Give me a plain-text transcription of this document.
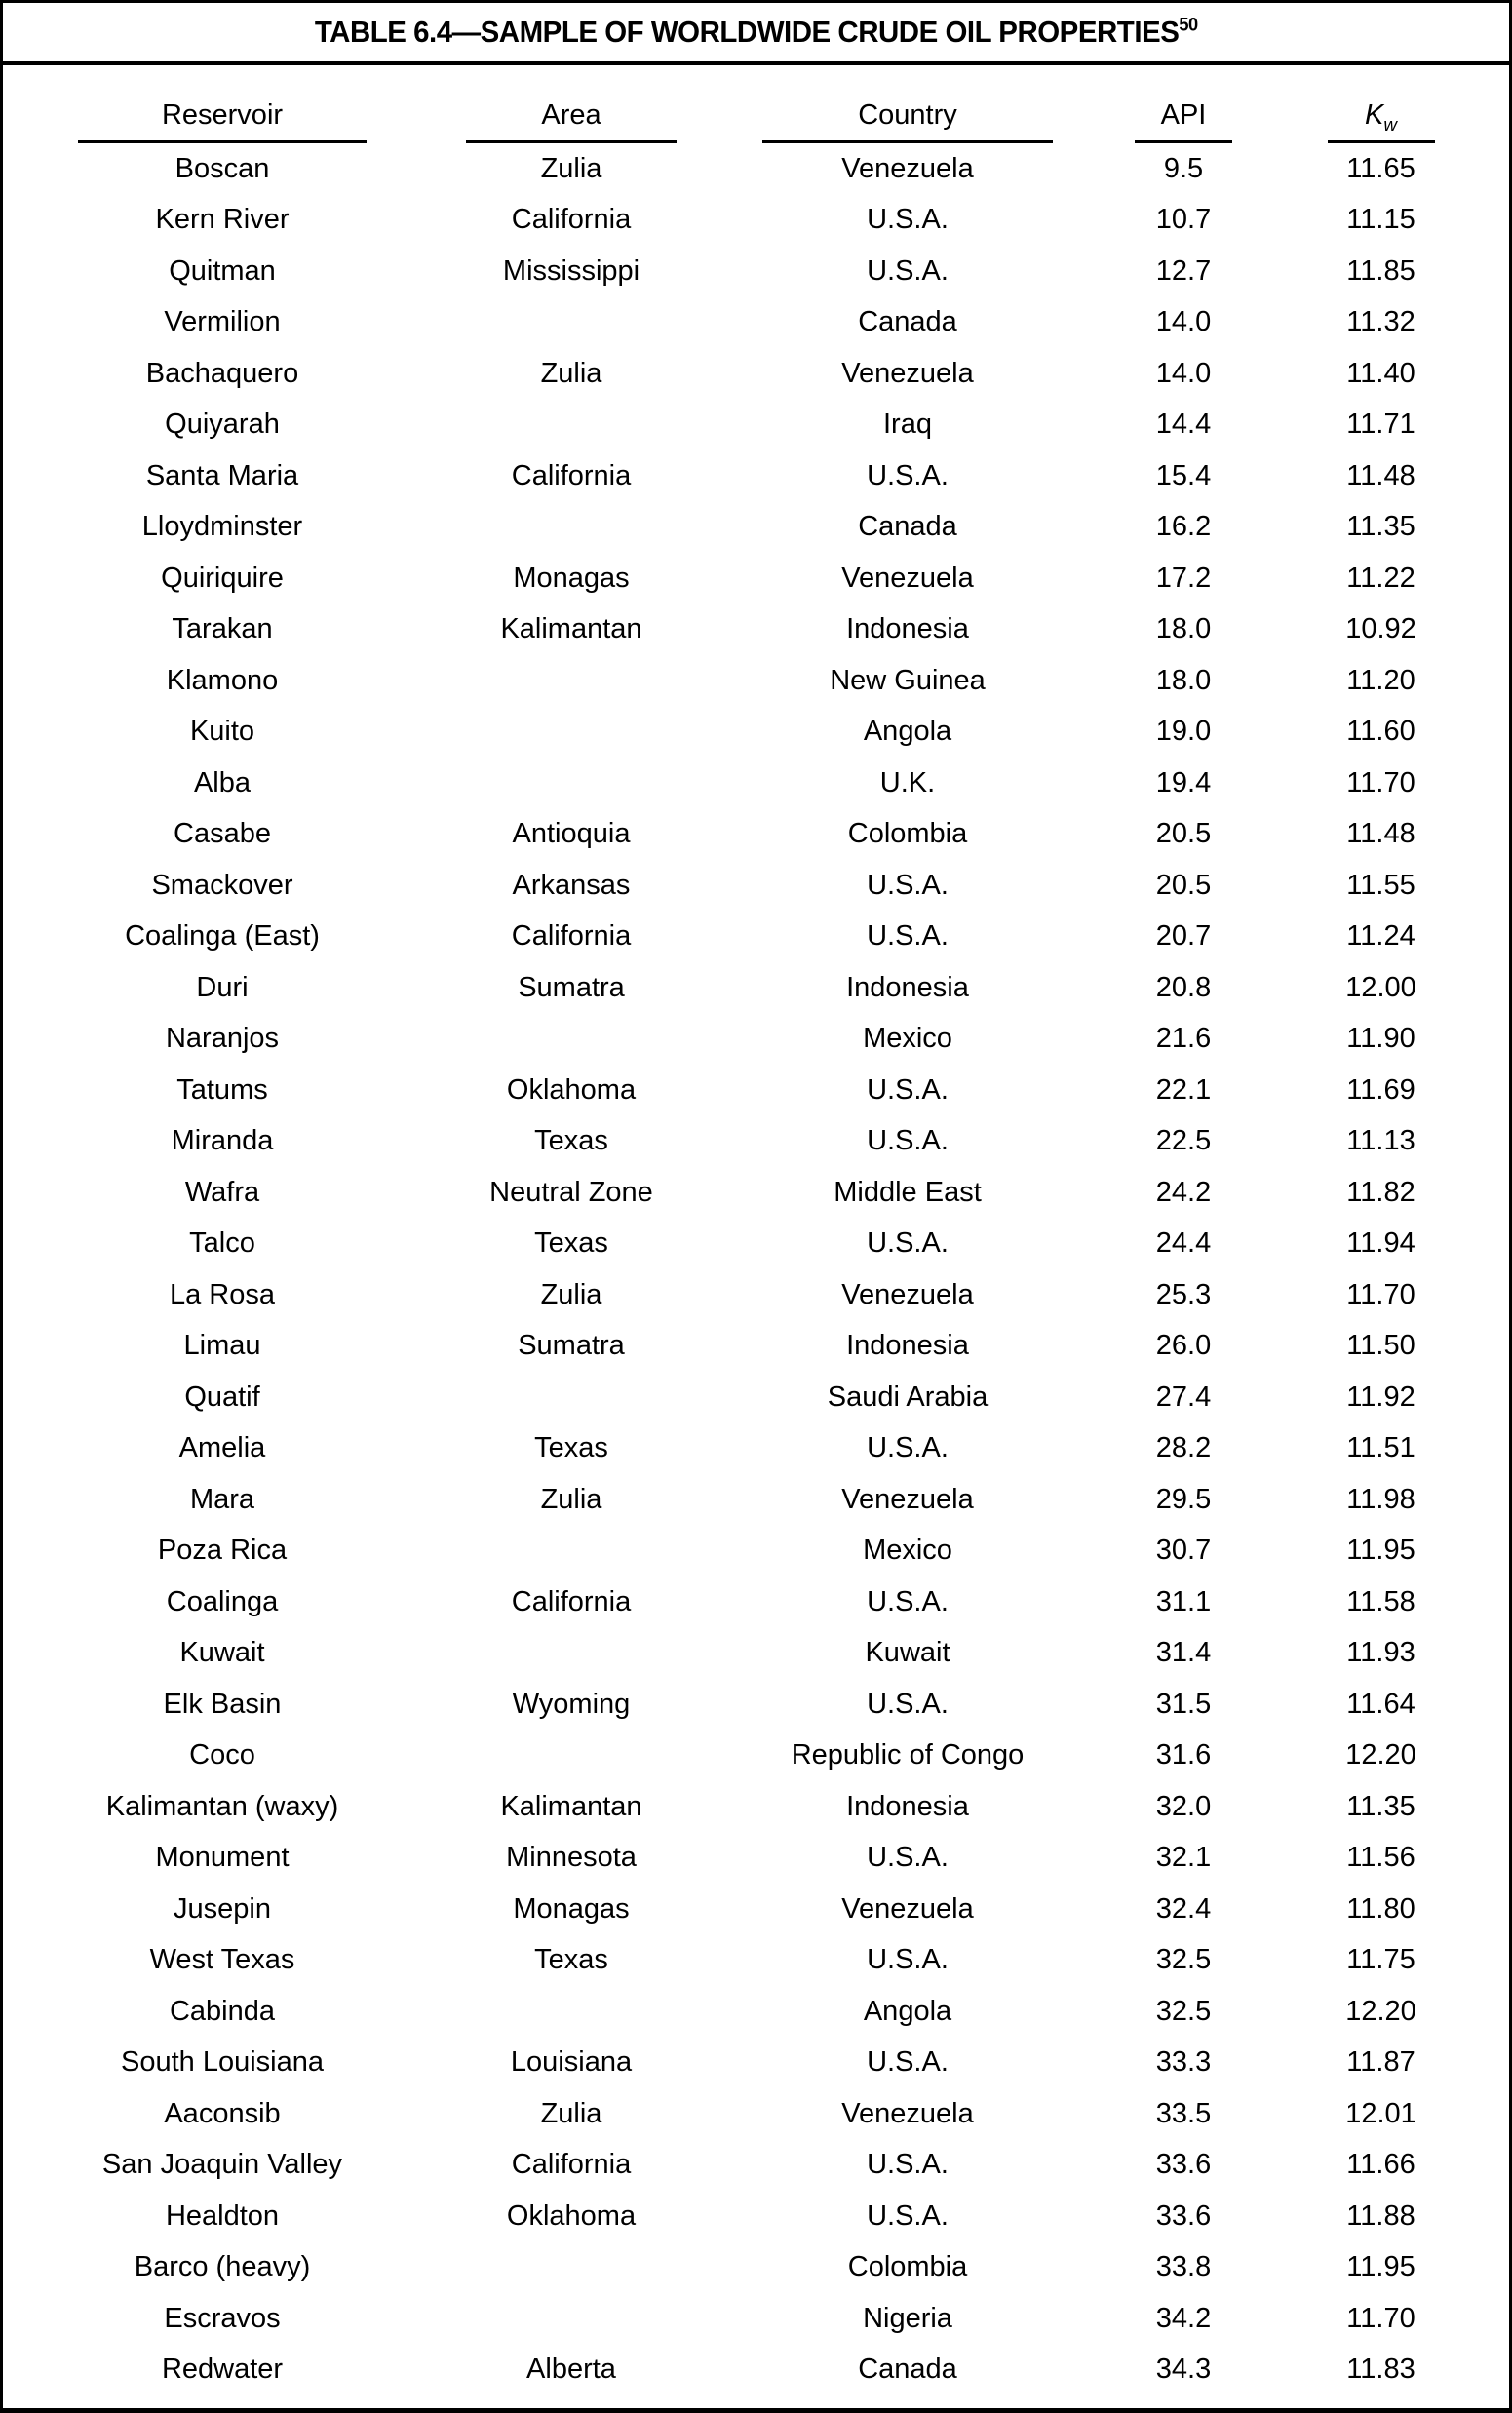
TABLE 6.4—SAMPLE OF WORLDWIDE CRUDE OIL PROPERTIES$^{50}$
Reservoir	Area	Country	API	$K_w$

Boscan	Zulia	Venezuela	9.5	11.65
Kern River	California	U.S.A.	10.7	11.15
Quitman	Mississippi	U.S.A.	12.7	11.85
Vermilion		Canada	14.0	11.32
Bachaquero	Zulia	Venezuela	14.0	11.40
Quiyarah		Iraq	14.4	11.71
Santa Maria	California	U.S.A.	15.4	11.48
Lloydminster		Canada	16.2	11.35
Quiriquire	Monagas	Venezuela	17.2	11.22
Tarakan	Kalimantan	Indonesia	18.0	10.92
Klamono		New Guinea	18.0	11.20
Kuito		Angola	19.0	11.60
Alba		U.K.	19.4	11.70
Casabe	Antioquia	Colombia	20.5	11.48
Smackover	Arkansas	U.S.A.	20.5	11.55
Coalinga (East)	California	U.S.A.	20.7	11.24
Duri	Sumatra	Indonesia	20.8	12.00
Naranjos		Mexico	21.6	11.90
Tatums	Oklahoma	U.S.A.	22.1	11.69
Miranda	Texas	U.S.A.	22.5	11.13
Wafra	Neutral Zone	Middle East	24.2	11.82
Talco	Texas	U.S.A.	24.4	11.94
La Rosa	Zulia	Venezuela	25.3	11.70
Limau	Sumatra	Indonesia	26.0	11.50
Quatif		Saudi Arabia	27.4	11.92
Amelia	Texas	U.S.A.	28.2	11.51
Mara	Zulia	Venezuela	29.5	11.98
Poza Rica		Mexico	30.7	11.95
Coalinga	California	U.S.A.	31.1	11.58
Kuwait		Kuwait	31.4	11.93
Elk Basin	Wyoming	U.S.A.	31.5	11.64
Coco		Republic of Congo	31.6	12.20
Kalimantan (waxy)	Kalimantan	Indonesia	32.0	11.35
Monument	Minnesota	U.S.A.	32.1	11.56
Jusepin	Monagas	Venezuela	32.4	11.80
West Texas	Texas	U.S.A.	32.5	11.75
Cabinda		Angola	32.5	12.20
South Louisiana	Louisiana	U.S.A.	33.3	11.87
Aaconsib	Zulia	Venezuela	33.5	12.01
San Joaquin Valley	California	U.S.A.	33.6	11.66
Healdton	Oklahoma	U.S.A.	33.6	11.88
Barco (heavy)		Colombia	33.8	11.95
Escravos		Nigeria	34.2	11.70
Redwater	Alberta	Canada	34.3	11.83
